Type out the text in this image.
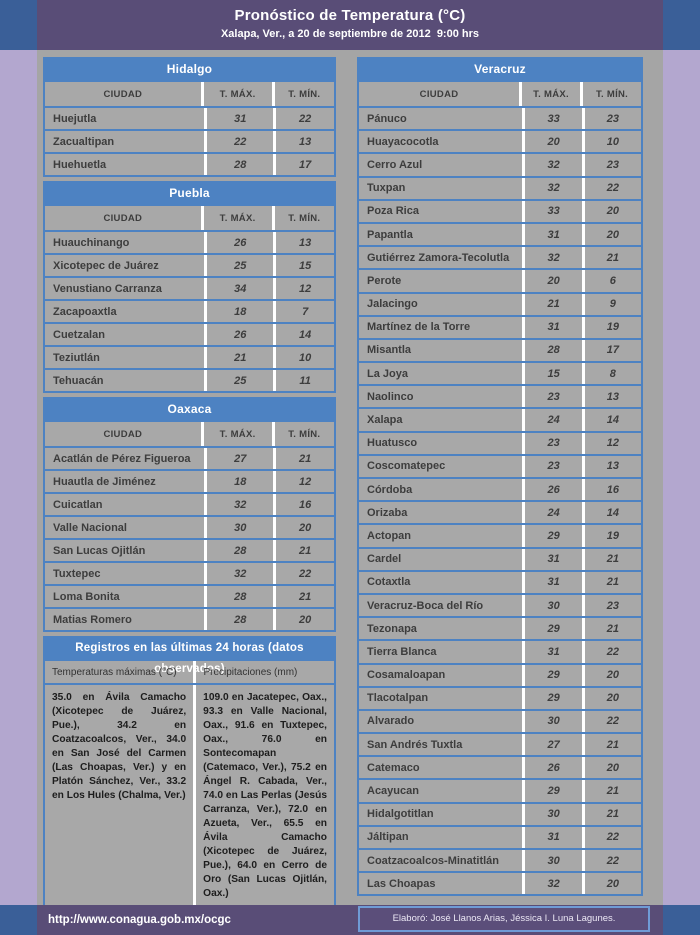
Pronóstico de Temperatura (°C)
Xalapa, Ver., a 20 de septiembre de 2012  9:00 hrs
Hidalgo
CIUDAD	T. MÁX.	T. MÍN.
Huejutla	31	22
Zacualtipan	22	13
Huehuetla	28	17
Puebla
CIUDAD	T. MÁX.	T. MÍN.
Huauchinango	26	13
Xicotepec de Juárez	25	15
Venustiano Carranza	34	12
Zacapoaxtla	18	7
Cuetzalan	26	14
Teziutlán	21	10
Tehuacán	25	11
Oaxaca
CIUDAD	T. MÁX.	T. MÍN.
Acatlán de Pérez Figueroa	27	21
Huautla de Jiménez	18	12
Cuicatlan	32	16
Valle Nacional	30	20
San Lucas Ojitlán	28	21
Tuxtepec	32	22
Loma Bonita	28	21
Matias Romero	28	20
Registros en las últimas 24 horas (datos observados)
Temperaturas máximas (°C)	Precipitaciones (mm)
35.0 en Ávila Camacho (Xicotepec de Juárez, Pue.), 34.2 en Coatzacoalcos, Ver., 34.0 en San José del Carmen (Las Choapas, Ver.) y en Platón Sánchez, Ver., 33.2 en Los Hules (Chalma, Ver.)
109.0 en Jacatepec, Oax., 93.3 en Valle Nacional, Oax., 91.6 en Tuxtepec, Oax., 76.0 en Sontecomapan (Catemaco, Ver.), 75.2 en Ángel R. Cabada, Ver., 74.0 en Las Perlas (Jesús Carranza, Ver.), 72.0 en Azueta, Ver., 65.5 en Ávila Camacho (Xicotepec de Juárez, Pue.), 64.0 en Cerro de Oro (San Lucas Ojitlán, Oax.)
Veracruz
CIUDAD	T. MÁX.	T. MÍN.
Pánuco	33	23
Huayacocotla	20	10
Cerro Azul	32	23
Tuxpan	32	22
Poza Rica	33	20
Papantla	31	20
Gutiérrez Zamora-Tecolutla	32	21
Perote	20	6
Jalacingo	21	9
Martínez de la Torre	31	19
Misantla	28	17
La Joya	15	8
Naolinco	23	13
Xalapa	24	14
Huatusco	23	12
Coscomatepec	23	13
Córdoba	26	16
Orizaba	24	14
Actopan	29	19
Cardel	31	21
Cotaxtla	31	21
Veracruz-Boca del Río	30	23
Tezonapa	29	21
Tierra Blanca	31	22
Cosamaloapan	29	20
Tlacotalpan	29	20
Alvarado	30	22
San Andrés Tuxtla	27	21
Catemaco	26	20
Acayucan	29	21
Hidalgotitlan	30	21
Jáltipan	31	22
Coatzacoalcos-Minatitlán	30	22
Las Choapas	32	20
http://www.conagua.gob.mx/ocgc	Elaboró: José Llanos Arias, Jéssica I. Luna Lagunes.
